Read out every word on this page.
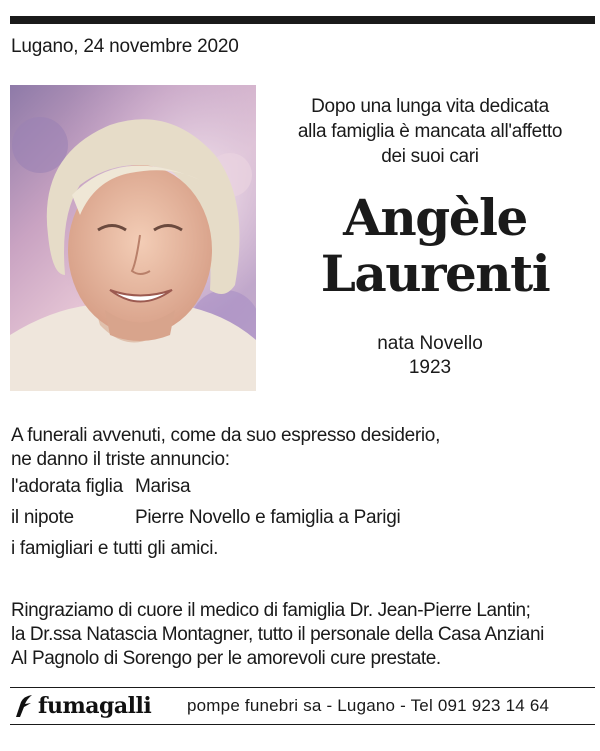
Lugano, 24 novembre 2020
Dopo una lunga vita dedicata
alla famiglia è mancata all'affetto
dei suoi cari
Angèle
Laurenti
nata Novello
1923
A funerali avvenuti, come da suo espresso desiderio,
ne danno il triste annuncio:
l'adorata figlia Marisa
il nipote	Pierre Novello e famiglia a Parigi
i famigliari e tutti gli amici.
Ringraziamo di cuore il medico di famiglia Dr. Jean-Pierre Lantin;
la Dr.ssa Natascia Montagner, tutto il personale della Casa Anziani
Al Pagnolo di Sorengo per le amorevoli cure prestate.
fumagalli pompe funebri sa - Lugano - Tel 091 923 14 64
